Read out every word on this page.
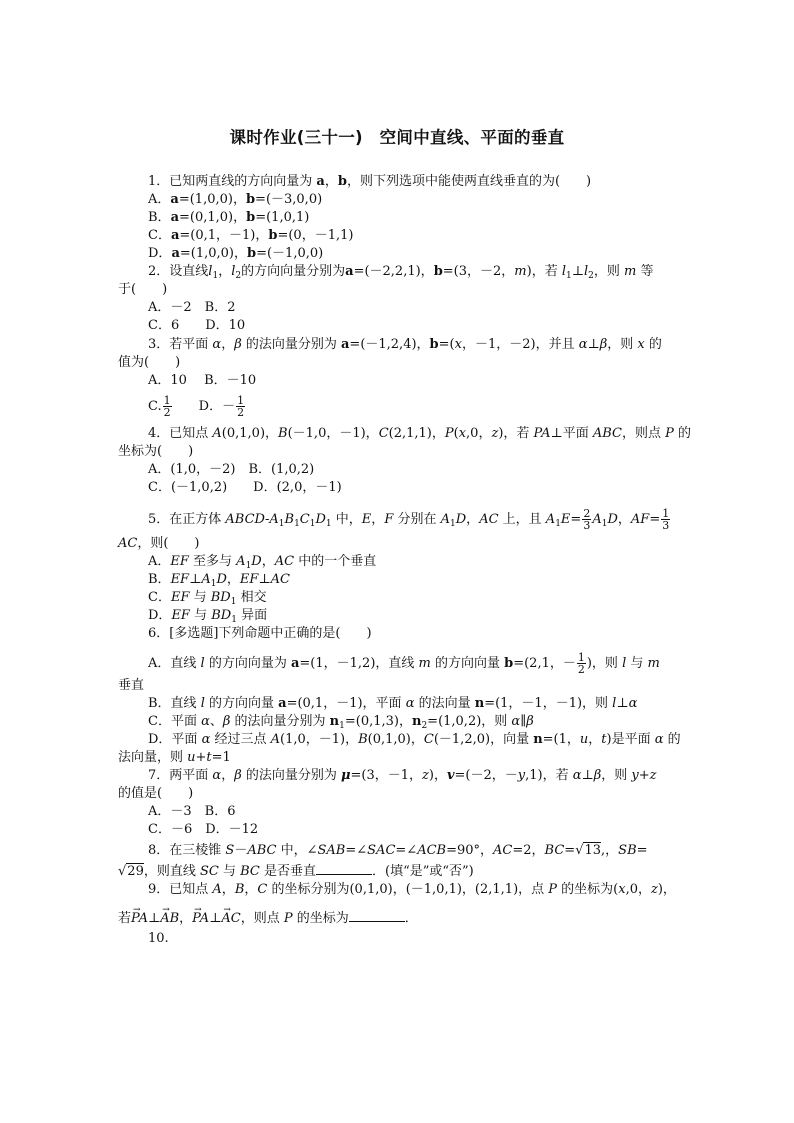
课时作业(三十一)　空间中直线、平面的垂直
1．已知两直线的方向向量为 a，b，则下列选项中能使两直线垂直的为(　　)
A．a=(1,0,0)，b=(－3,0,0)
B．a=(0,1,0)，b=(1,0,1)
C．a=(0,1，－1)，b=(0，－1,1)
D．a=(1,0,0)，b=(－1,0,0)
2．设直线$l_1$，$l_2$的方向向量分别为a=(－2,2,1)，b=(3，－2，m)，若 $l_1\perp l_2$，则 m 等
于(　　)
A．－2　B．2
C．6　　D．10
3．若平面 α，β 的法向量分别为 a=(－1,2,4)，b=(x，－1，－2)，并且 α⊥β，则 x 的
值为(　　)
A．10　 B．－10
C. $\frac{1}{2}$
　　 D．－ $\frac{1}{2}$
4．已知点 A(0,1,0)，B(－1,0，－1)，C(2,1,1)，P(x,0，z)，若 PA⊥平面 ABC，则点 P 的
坐标为(　　)
A．(1,0，－2)　B．(1,0,2)
C．(－1,0,2)　　D．(2,0，－1)
5．在正方体 ABCD-$A_1B_1C_1D_1$ 中，E，F 分别在 $A_1D$，AC 上，且 $A_1E= \frac{2}{3} A_1D$，$AF= \frac{1}{3}$
AC，则(　　)
A．EF 至多与 $A_1D$，AC 中的一个垂直
B．$EF\perp A_1D$，EF⊥AC
C．EF 与 $BD_1$ 相交
D．EF 与 $BD_1$ 异面
6．[多选题]下列命题中正确的是(　　)
A．直线 l 的方向向量为 a=(1，－1,2)，直线 m 的方向向量 b=(2,1，－ $\frac{1}{2}$ )，则 l 与 m
垂直
B．直线 l 的方向向量 a=(0,1，－1)，平面 α 的法向量 n=(1，－1，－1)，则 l⊥α
C．平面 α、β 的法向量分别为 $n_1=(0,1,3)$，$n_2=(1,0,2)$，则 α∥β
D．平面 α 经过三点 A(1,0，－1)，B(0,1,0)，C(－1,2,0)，向量 n=(1，u，t)是平面 α 的
法向量，则 u+t=1
7．两平面 α，β 的法向量分别为 μ=(3，－1，z)，v=(－2，－y,1)，若 α⊥β，则 y+z
的值是(　　)
A．－3　B．6
C．－6　D．－12
8．在三棱锥 S－ABC 中，∠SAB=∠SAC=∠ACB=90°，AC=2，BC=√13,，SB=
√29，则直线 SC 与 BC 是否垂直	．(填“是”或“否”)
9．已知点 A，B，C 的坐标分别为(0,1,0)，(－1,0,1)，(2,1,1)，点 P 的坐标为(x,0，z)，
若→ PA⊥→ AB，→ PA⊥→ AC，则点 P 的坐标为	．
10.
